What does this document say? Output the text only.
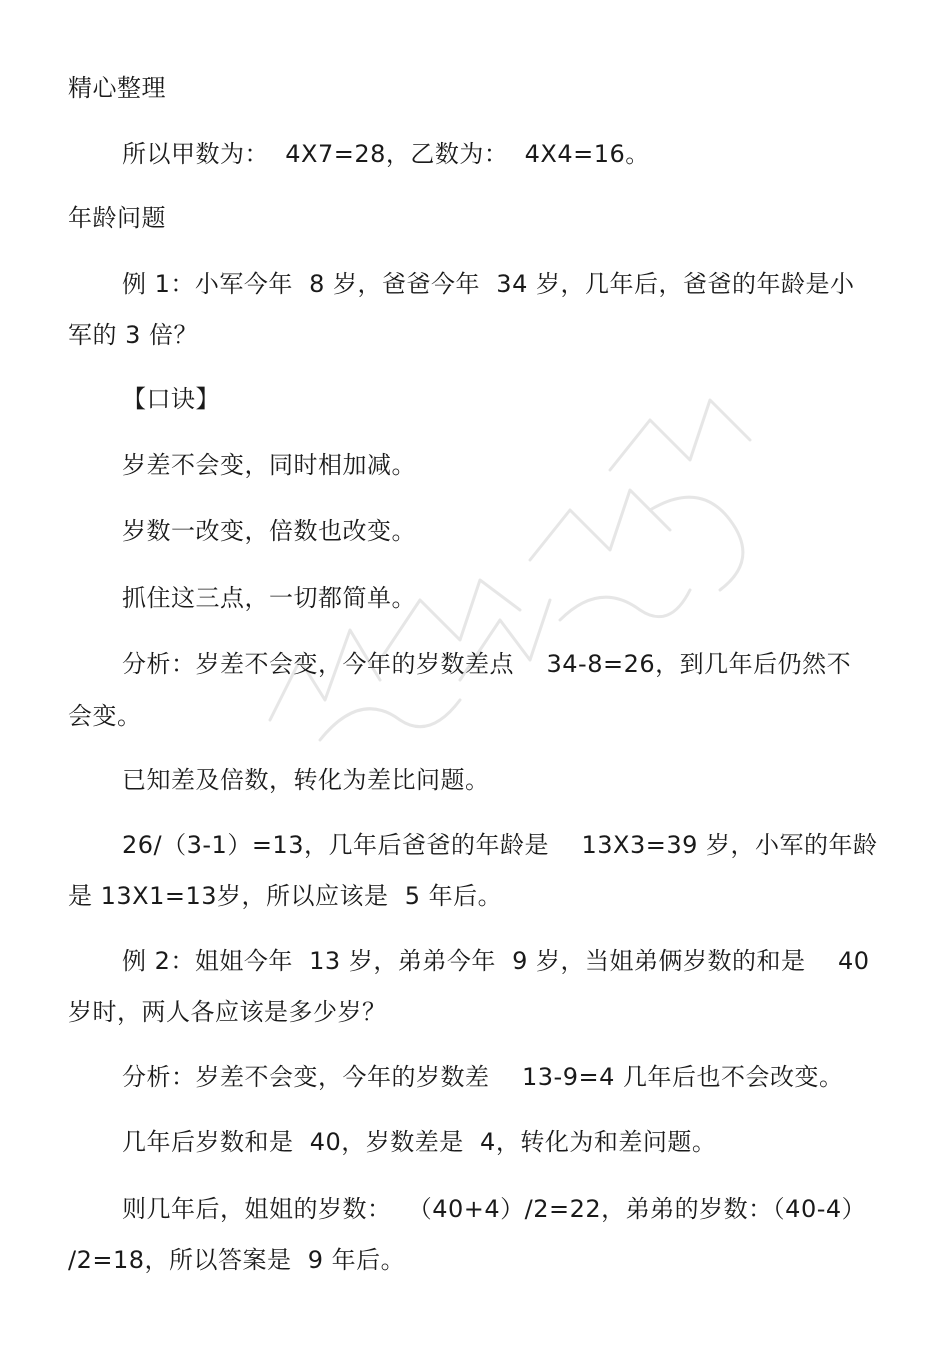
精心整理
所以甲数为：  4X7=28，乙数为：  4X4=16。
年龄问题
例 1：小军今年  8 岁，爸爸今年  34 岁，几年后，爸爸的年龄是小
军的 3 倍？
【口诀】
岁差不会变，同时相加减。
岁数一改变，倍数也改变。
抓住这三点，一切都简单。
分析：岁差不会变，今年的岁数差点    34-8=26，到几年后仍然不
会变。
已知差及倍数，转化为差比问题。
26/（3-1）=13，几年后爸爸的年龄是    13X3=39 岁，小军的年龄
是 13X1=13岁，所以应该是  5 年后。
例 2：姐姐今年  13 岁，弟弟今年  9 岁，当姐弟俩岁数的和是    40
岁时，两人各应该是多少岁？
分析：岁差不会变，今年的岁数差    13-9=4 几年后也不会改变。
几年后岁数和是  40，岁数差是  4，转化为和差问题。
则几年后，姐姐的岁数：  （40+4）/2=22，弟弟的岁数：（40-4）
/2=18，所以答案是  9 年后。
